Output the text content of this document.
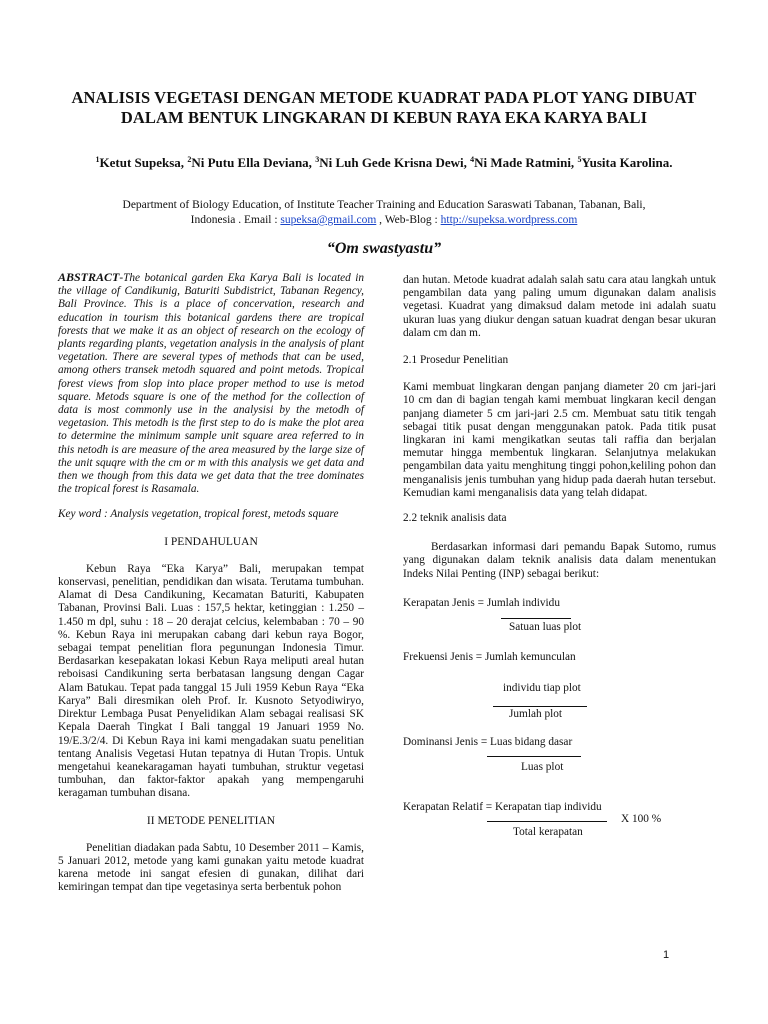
ANALISIS VEGETASI DENGAN METODE KUADRAT PADA PLOT YANG DIBUAT
DALAM BENTUK LINGKARAN DI KEBUN RAYA EKA KARYA BALI
$^1$Ketut Supeksa, $^2$Ni Putu Ella Deviana, $^3$Ni Luh Gede Krisna Dewi, $^4$Ni Made Ratmini, $^5$Yusita Karolina.
Department of Biology Education, of Institute Teacher Training and Education Saraswati Tabanan, Tabanan, Bali,
Indonesia . Email : supeksa@gmail.com , Web-Blog : http://supeksa.wordpress.com
“Om swastyastu”

ABSTRACT-The botanical garden Eka Karya Bali is located in the village of Candikunig, Baturiti Subdistrict, Tabanan Regency, Bali Province. This is a place of concervation, research and education in tourism this botanical gardens there are tropical forests that we make it as an object of research on the ecology of plants regarding plants, vegetation analysis in the analysis of plant vegetation. There are several types of methods that can be used, among others transek metodh squared and point metods. Tropical forest views from slop into place proper method to use is metod square. Metods square is one of the method for the collection of data is most commonly use in the analysisi by the metodh of vegetasion. This metodh is the first step to do is make the plot area to determine the minimum sample unit square area referred to in this netodh is are measure of the area measured by the large size of the unit squqre with the cm or m with this analysis we get data and then we though from this data we get data that the tree dominates the tropical forest is Rasamala.

Key word : Analysis vegetation, tropical forest, metods square

I PENDAHULUAN

Kebun Raya “Eka Karya” Bali, merupakan tempat konservasi, penelitian, pendidikan dan wisata. Terutama tumbuhan. Alamat di Desa Candikuning, Kecamatan Baturiti, Kabupaten Tabanan, Provinsi Bali. Luas : 157,5 hektar, ketinggian : 1.250 – 1.450 m dpl, suhu : 18 – 20 derajat celcius, kelembaban : 70 – 90 %. Kebun Raya ini merupakan cabang dari kebun raya Bogor, sebagai tempat penelitian flora pegunungan Indonesia Timur. Berdasarkan kesepakatan lokasi Kebun Raya meliputi areal hutan reboisasi Candikuning serta berbatasan langsung dengan Cagar Alam Batukau. Tepat pada tanggal 15 Juli 1959 Kebun Raya “Eka Karya” Bali diresmikan oleh Prof. Ir. Kusnoto Setyodiwiryo, Direktur Lembaga Pusat Penyelidikan Alam sebagai realisasi SK Kepala Daerah Tingkat I Bali tanggal 19 Januari 1959 No. 19/E.3/2/4. Di Kebun Raya ini kami mengadakan suatu penelitian tentang Analisis Vegetasi Hutan tepatnya di Hutan Tropis. Untuk mengetahui keanekaragaman hayati tumbuhan, struktur vegetasi tumbuhan, dan faktor-faktor apakah yang mempengaruhi keragaman tumbuhan disana.

II METODE PENELITIAN

Penelitian diadakan pada Sabtu, 10 Desember 2011 – Kamis, 5 Januari 2012, metode yang kami gunakan yaitu metode kuadrat karena metode ini sangat efesien di gunakan, dilihat dari kemiringan tempat dan tipe vegetasinya serta berbentuk pohon

dan hutan. Metode kuadrat adalah salah satu cara atau langkah untuk pengambilan data yang paling umum digunakan dalam analisis vegetasi. Kuadrat yang dimaksud dalam metode ini adalah suatu ukuran luas yang diukur dengan satuan kuadrat dengan besar ukuran dalam cm dan m.

2.1 Prosedur Penelitian

Kami membuat lingkaran dengan panjang diameter 20 cm jari-jari 10 cm dan di bagian tengah kami membuat lingkaran kecil dengan panjang diameter 5 cm jari-jari 2.5 cm. Membuat satu titik tengah sebagai titik pusat dengan menggunakan patok. Pada titik pusat lingkaran ini kami mengikatkan seutas tali raffia dan berjalan memutar hingga membentuk lingkaran. Selanjutnya melakukan pengambilan data yaitu menghitung tinggi pohon,keliling pohon dan menganalisis jenis tumbuhan yang hidup pada daerah hutan tersebut. Kemudian kami menganalisis data yang telah didapat.

2.2 teknik analisis data

Berdasarkan informasi dari pemandu Bapak Sutomo, rumus yang digunakan dalam teknik analisis data dalam menentukan Indeks Nilai Penting (INP) sebagai berikut:

Kerapatan Jenis = Jumlah individu
Satuan luas plot
Frekuensi Jenis = Jumlah kemunculan
individu tiap plot
Jumlah plot
Dominansi Jenis = Luas bidang dasar
Luas plot
Kerapatan Relatif = Kerapatan tiap individu
X 100 %
Total kerapatan
1
